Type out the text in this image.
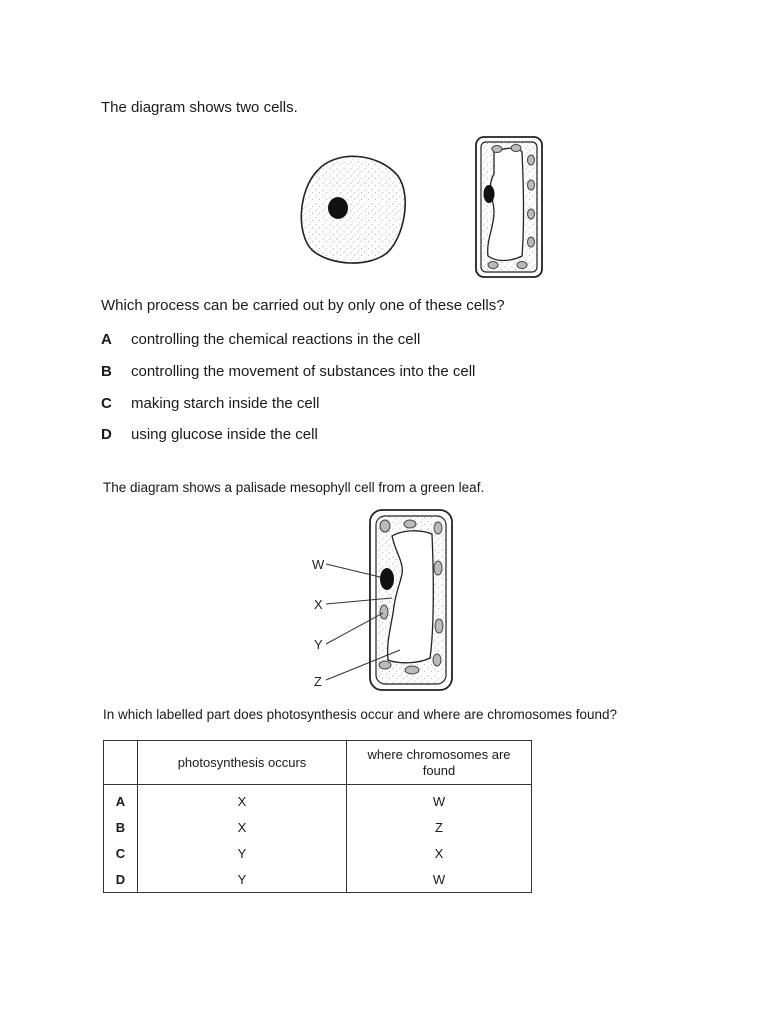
The diagram shows two cells.
Which process can be carried out by only one of these cells?
A controlling the chemical reactions in the cell
B controlling the movement of substances into the cell
C making starch inside the cell
D using glucose inside the cell
The diagram shows a palisade mesophyll cell from a green leaf.
W
X
Y
Z
In which labelled part does photosynthesis occur and where are chromosomes found?
	photosynthesis occurs	where chromosomes are found
A	X	W
B	X	Z
C	Y	X
D	Y	W
